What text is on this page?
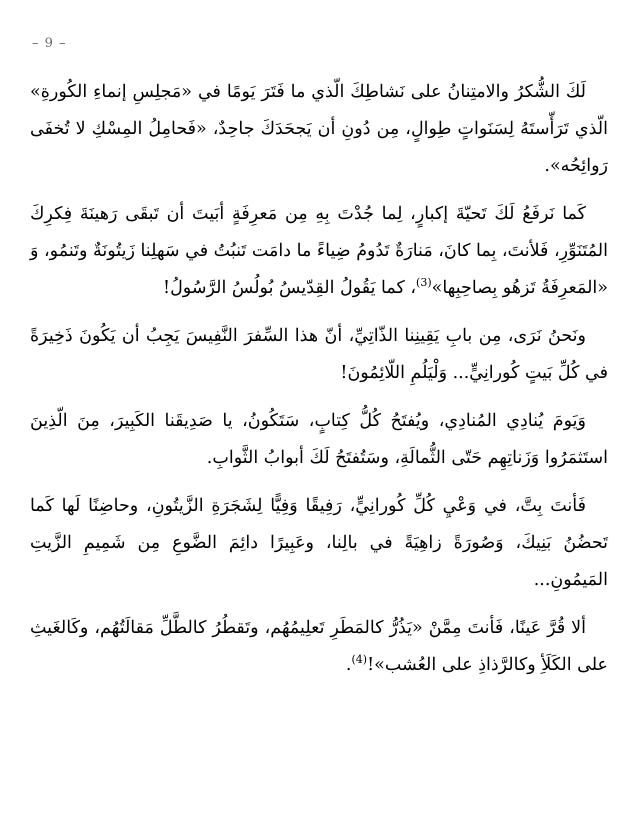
– 9 –

لَكَ الشُّكرُ والامتِنانُ على نَشاطِكَ الّذي ما فَتَرَ يَومًا في «مَجلِسِ إنماءِ الكُورةِ» الّذي تَرَأّستَهُ لِسَنَواتٍ طِوالٍ، مِن دُونِ أن يَجحَدَكَ جاحِدٌ، «فَحامِلُ المِسْكِ لا تُخفَى رَوائِحُه».

كَما نَرفَعُ لَكَ تَحيّةَ إكبارٍ، لِما جُدْتَ بِهِ مِن مَعرِفَةٍ أبَيتَ أن تَبقَى رَهينَةَ فِكرِكَ المُتَنَوِّرِ، فَلأنتَ، بِما كانَ، مَنارَةٌ تَدُومُ ضِياءً ما دامَت تَنبُتُ في سَهلِنا زَيتُونَةٌ وتَنمُو، وَ «المَعرِفَةُ تَزهُو بِصاحِبِها»$^{(3)}$، كما يَقُولُ القِدّيسُ بُولُسُ الرَّسُولُ!

ونَحنُ نَرَى، مِن بابِ يَقِينِنا الذّاتِيِّ، أنّ هذا السِّفرَ النَّفِيسَ يَجِبُ أن يَكُونَ ذَخِيرَةً في كُلِّ بَيتٍ كُورانِيٍّ... وَلْيَلُمِ اللّائِمُونَ!

وَيَومَ يُنادِي المُنادِي، ويُفتَحُ كُلُّ كِتابٍ، سَتَكُونُ، يا صَدِيقَنا الكَبِيرَ، مِنَ الّذِينَ استَثمَرُوا وَزَناتِهِم حَتّى الثُّمالَةِ، وسَتُفتَحُ لَكَ أبوابُ الثَّوابِ.

فَأنتَ بِتَّ، في وَعْيِ كُلِّ كُورانِيٍّ، رَفِيقًا وَفِيًّا لِشَجَرَةِ الزَّيتُونِ، وحاضِنًا لَها كَما تَحضُنُ بَنِيكَ، وَصُورَةً زاهِيَةً في بالِنا، وعَبِيرًا دائِمَ الضَّوعِ مِن شَمِيمِ الزَّيتِ المَيمُونِ...

ألا قُرَّ عَينًا، فَأنتَ مِمَّنْ «يَذُرُّ كالمَطَرِ تَعلِيمُهُم، وتَقطُرُ كالطَّلِّ مَقالَتُهُم، وكَالغَيثِ على الكَلَأِ وكالرَّذاذِ على العُشب»!$^{(4)}$.
